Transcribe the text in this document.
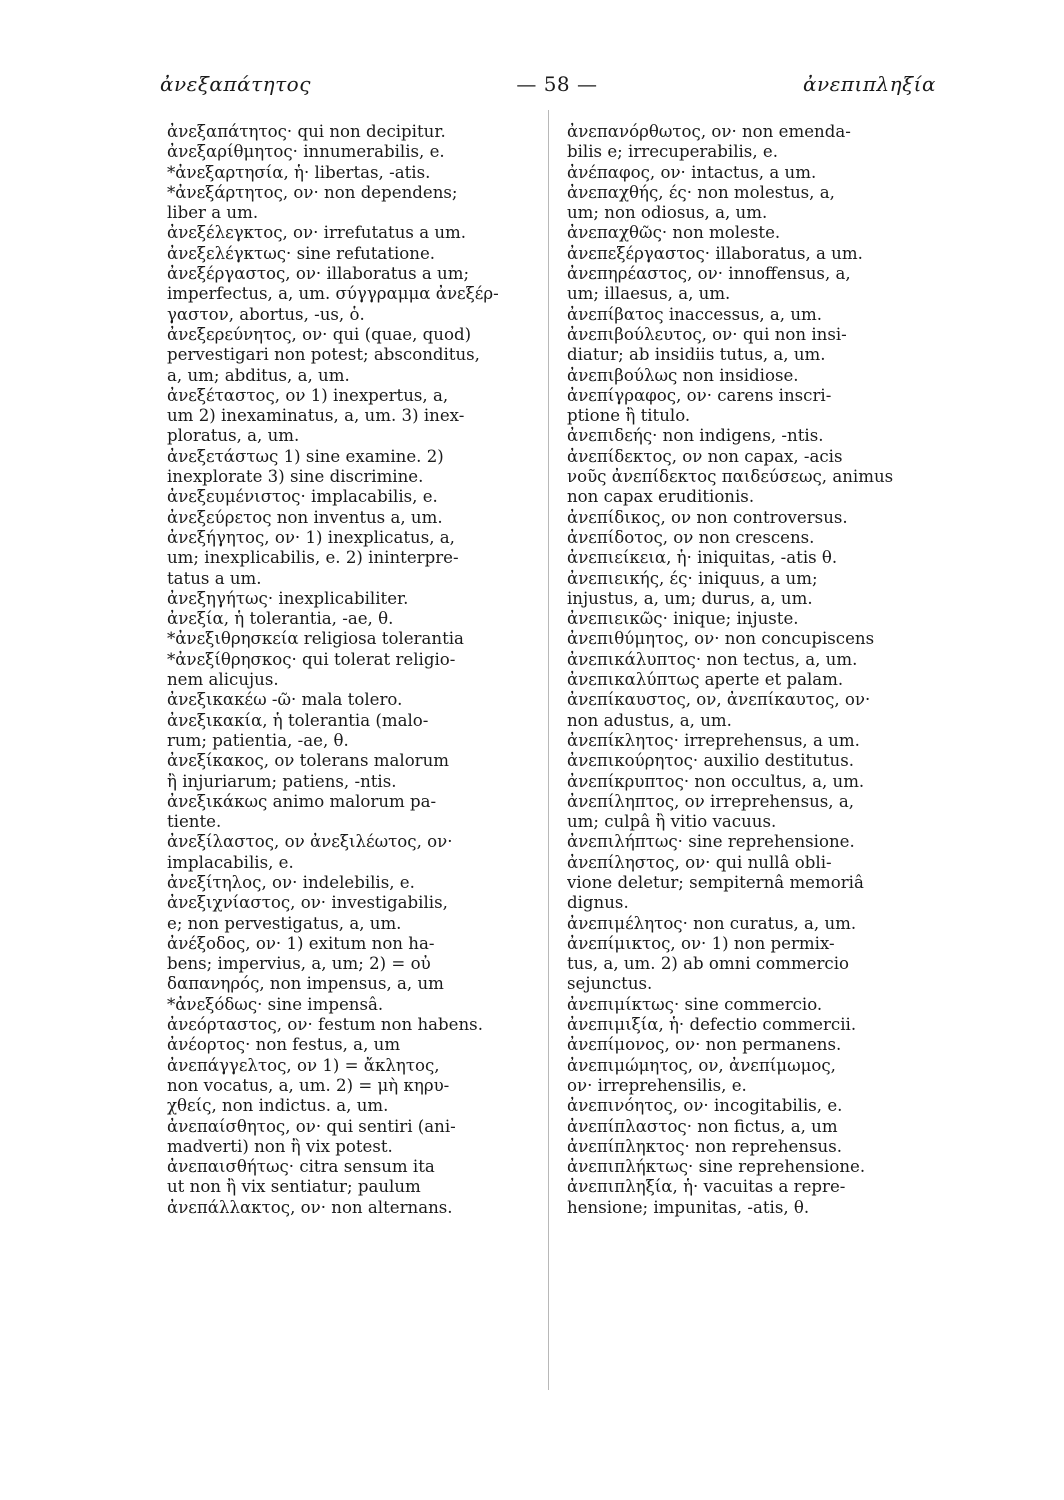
ἀνεξαπάτητος	— 58 —	ἀνεπιπληξία
ἀνεξαπάτητος· qui non decipitur.
ἀνεξαρίθμητος· innumerabilis, e.
*ἀνεξαρτησία, ἡ· libertas, -atis.
*ἀνεξάρτητος, ον· non dependens;
liber a um.
ἀνεξέλεγκτος, ον· irrefutatus a um.
ἀνεξελέγκτως· sine refutatione.
ἀνεξέργαστος, ον· illaboratus a um;
imperfectus, a, um. σύγγραμμα ἀνεξέρ-
γαστον, abortus, -us, ὁ.
ἀνεξερεύνητος, ον· qui (quae, quod)
pervestigari non potest; absconditus,
a, um; abditus, a, um.
ἀνεξέταστος, ον 1) inexpertus, a,
um 2) inexaminatus, a, um. 3) inex-
ploratus, a, um.
ἀνεξετάστως 1) sine examine. 2)
inexplorate 3) sine discrimine.
ἀνεξευμένιστος· implacabilis, e.
ἀνεξεύρετος non inventus a, um.
ἀνεξήγητος, ον· 1) inexplicatus, a,
um; inexplicabilis, e. 2) ininterpre-
tatus a um.
ἀνεξηγήτως· inexplicabiliter.
ἀνεξία, ἡ tolerantia, -ae, θ.
*ἀνεξιθρησκεία religiosa tolerantia
*ἀνεξίθρησκος· qui tolerat religio-
nem alicujus.
ἀνεξικακέω -ῶ· mala tolero.
ἀνεξικακία, ἡ tolerantia (malo-
rum; patientia, -ae, θ.
ἀνεξίκακος, ον tolerans malorum
ἢ injuriarum; patiens, -ntis.
ἀνεξικάκως animo malorum pa-
tiente.
ἀνεξίλαστος, ον ἀνεξιλέωτος, ον·
implacabilis, e.
ἀνεξίτηλος, ον· indelebilis, e.
ἀνεξιχνίαστος, ον· investigabilis,
e; non pervestigatus, a, um.
ἀνέξοδος, ον· 1) exitum non ha-
bens; impervius, a, um; 2) = οὐ
δαπανηρός, non impensus, a, um
*ἀνεξόδως· sine impensâ.
ἀνεόρταστος, ον· festum non habens.
ἀνέορτος· non festus, a, um
ἀνεπάγγελτος, ον 1) = ἄκλητος,
non vocatus, a, um. 2) = μὴ κηρυ-
χθείς, non indictus. a, um.
ἀνεπαίσθητος, ον· qui sentiri (ani-
madverti) non ἢ vix potest.
ἀνεπαισθήτως· citra sensum ita
ut non ἢ vix sentiatur; paulum
ἀνεπάλλακτος, ον· non alternans.
ἀνεπανόρθωτος, ον· non emenda-
bilis e; irrecuperabilis, e.
ἀνέπαφος, ον· intactus, a um.
ἀνεπαχθής, ές· non molestus, a,
um; non odiosus, a, um.
ἀνεπαχθῶς· non moleste.
ἀνεπεξέργαστος· illaboratus, a um.
ἀνεπηρέαστος, ον· innoffensus, a,
um; illaesus, a, um.
ἀνεπίβατος inaccessus, a, um.
ἀνεπιβούλευτος, ον· qui non insi-
diatur; ab insidiis tutus, a, um.
ἀνεπιβούλως non insidiose.
ἀνεπίγραφος, ον· carens inscri-
ptione ἢ titulo.
ἀνεπιδεής· non indigens, -ntis.
ἀνεπίδεκτος, ον non capax, -acis
νοῦς ἀνεπίδεκτος παιδεύσεως, animus
non capax eruditionis.
ἀνεπίδικος, ον non controversus.
ἀνεπίδοτος, ον non crescens.
ἀνεπιείκεια, ἡ· iniquitas, -atis θ.
ἀνεπιεικής, ές· iniquus, a um;
injustus, a, um; durus, a, um.
ἀνεπιεικῶς· inique; injuste.
ἀνεπιθύμητος, ον· non concupiscens
ἀνεπικάλυπτος· non tectus, a, um.
ἀνεπικαλύπτως aperte et palam.
ἀνεπίκαυστος, ον, ἀνεπίκαυτος, ον·
non adustus, a, um.
ἀνεπίκλητος· irreprehensus, a um.
ἀνεπικούρητος· auxilio destitutus.
ἀνεπίκρυπτος· non occultus, a, um.
ἀνεπίληπτος, ον irreprehensus, a,
um; culpâ ἢ vitio vacuus.
ἀνεπιλήπτως· sine reprehensione.
ἀνεπίληστος, ον· qui nullâ obli-
vione deletur; sempiternâ memoriâ
dignus.
ἀνεπιμέλητος· non curatus, a, um.
ἀνεπίμικτος, ον· 1) non permix-
tus, a, um. 2) ab omni commercio
sejunctus.
ἀνεπιμίκτως· sine commercio.
ἀνεπιμιξία, ἡ· defectio commercii.
ἀνεπίμονος, ον· non permanens.
ἀνεπιμώμητος, ον, ἀνεπίμωμος,
ον· irreprehensilis, e.
ἀνεπινόητος, ον· incogitabilis, e.
ἀνεπίπλαστος· non fictus, a, um
ἀνεπίπληκτος· non reprehensus.
ἀνεπιπλήκτως· sine reprehensione.
ἀνεπιπληξία, ἡ· vacuitas a repre-
hensione; impunitas, -atis, θ.
